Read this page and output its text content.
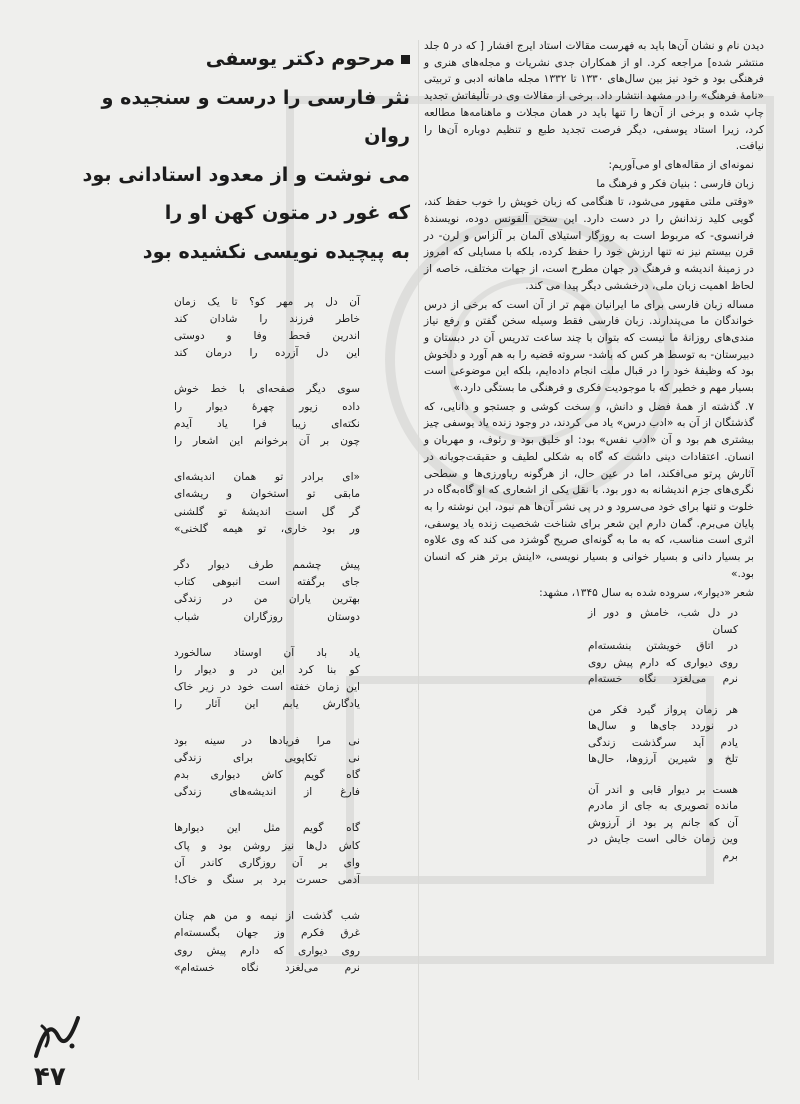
دیدن نام و نشان آن‌ها باید به فهرست مقالات استاد ایرج افشار [ که در ۵ جلد منتشر شده] مراجعه کرد. او از همکاران جدی نشریات و مجله‌های هنری و فرهنگی بود و خود نیز بین سال‌های ۱۳۳۰ تا ۱۳۳۲ مجله ماهانه ادبی و تربیتی «نامهٔ فرهنگ» را در مشهد انتشار داد. برخی از مقالات وی در تألیفاتش تجدید چاپ شده و برخی از آن‌ها را تنها باید در همان مجلات و ماهنامه‌ها مطالعه کرد، زیرا استاد یوسفی، دیگر فرصت تجدید طبع و تنظیم دوباره آن‌ها را نیافت.

نمونه‌ای از مقاله‌های او می‌آوریم:

زبان فارسی : بنیان فکر و فرهنگ ما

«وقتی ملتی مقهور می‌شود، تا هنگامی که زبان خویش را خوب حفظ کند، گویی کلید زندانش را در دست دارد. این سخن آلفونس دوده، نویسندهٔ فرانسوی- که مربوط است به روزگار استیلای آلمان بر آلزاس و لرن- در قرن بیستم نیز نه تنها ارزش خود را حفظ کرده، بلکه با مسایلی که امروز در زمینهٔ اندیشه و فرهنگ در جهان مطرح است، از جهات مختلف، خاصه از لحاظ اهمیت زبان ملی، درخششی دیگر پیدا می کند.

مساله زبان فارسی برای ما ایرانیان مهم تر از آن است که برخی از درس خواندگان ما می‌پندارند. زبان فارسی فقط وسیله سخن گفتن و رفع نیاز مندی‌های روزانهٔ ما نیست که بتوان با چند ساعت تدریس آن در دبستان و دبیرستان- به توسط هر کس که باشد- سروته قضیه را به هم آورد و دلخوش بود که وظیفهٔ خود را در قبال ملت انجام داده‌ایم، بلکه این موضوعی است بسیار مهم و خطیر که با موجودیت فکری و فرهنگی ما بستگی دارد.»

۷. گذشته از همهٔ فضل و دانش، و سخت کوشی و جستجو و دانایی، که گذشتگان از آن به «ادب درس» یاد می کردند، در وجود زنده یاد یوسفی چیز بیشتری هم بود و آن «ادب نفس» بود: او خلیق بود و رئوف، و مهربان و انسان. اعتقادات دینی داشت که گاه به شکلی لطیف و حقیقت‌جویانه در آثارش پرتو می‌افکند، اما در عین حال، از هرگونه ریاورزی‌ها و سطحی نگری‌های جزم اندیشانه به دور بود. با نقل یکی از اشعاری که او گاه‌به‌گاه در خلوت و تنها برای خود می‌سرود و در پی نشر آن‌ها هم نبود، این نوشته را به پایان می‌برم. گمان دارم این شعر برای شناخت شخصیت زنده یاد یوسفی، اثری است مناسب، که به ما به گونه‌ای صریح گوشزد می کند که وی علاوه بر بسیار دانی و بسیار خوانی و بسیار نویسی، «اینش برتر هنر که انسان بود.»

شعر «دیوار»، سروده شده به سال ۱۳۴۵، مشهد:

در دل شب، خامش و دور از کسان
در اتاق خویشتن بنشسته‌ام
روی دیواری که دارم پیش روی
نرم می‌لغزد نگاه خسته‌ام
هر زمان پرواز گیرد فکر من
در نوردد جای‌ها و سال‌ها
یادم آید سرگذشت زندگی
تلخ و شیرین آرزوها، حال‌ها
هست بر دیوار قابی و اندر آن
مانده تصویری به جای از مادرم
آن که جانم پر بود از آرزوش
وین زمان خالی است جایش در برم
مرحوم دکتر یوسفی
نثر فارسی را درست و سنجیده و روان
می نوشت و از معدود استادانی بود
که غور در متون کهن او را
به پیچیده نویسی نکشیده بود
آن دل پر مهر کو؟ تا یک زمان
خاطر فرزند را شادان کند
اندرین قحط وفا و دوستی
این دل آزرده را درمان کند
سوی دیگر صفحه‌ای با خط خوش
داده زیور چهرهٔ دیوار را
نکته‌ای زیبا فرا یاد آیدم
چون بر آن برخوانم این اشعار را
«ای برادر تو همان اندیشه‌ای
مابقی تو استخوان و ریشه‌ای
گر گل است اندیشهٔ تو گلشنی
ور بود خاری، تو هیمه گلخنی»
پیش چشمم طرف دیوار دگر
جای برگفته است انبوهی کتاب
بهترین یاران من در زندگی
دوستان روزگاران شباب
یاد باد آن اوستاد سالخورد
کو بنا کرد این در و دیوار را
این زمان خفته است خود در زیر خاک
یادگارش یابم این آثار را
نی مرا فریادها در سینه بود
نی تکاپویی برای زندگی
گاه گویم کاش دیواری بدم
فارغ از اندیشه‌های زندگی
گاه گویم مثل این دیوارها
کاش دل‌ها نیز روشن بود و پاک
وای بر آن روزگاری کاندر آن
آدمی حسرت برد بر سنگ و خاک!
شب گذشت از نیمه و من هم چنان
غرق فکرم وز جهان بگسسته‌ام
روی دیواری که دارم پیش روی
نرم می‌لغزد نگاه خسته‌ام»
۴۷
